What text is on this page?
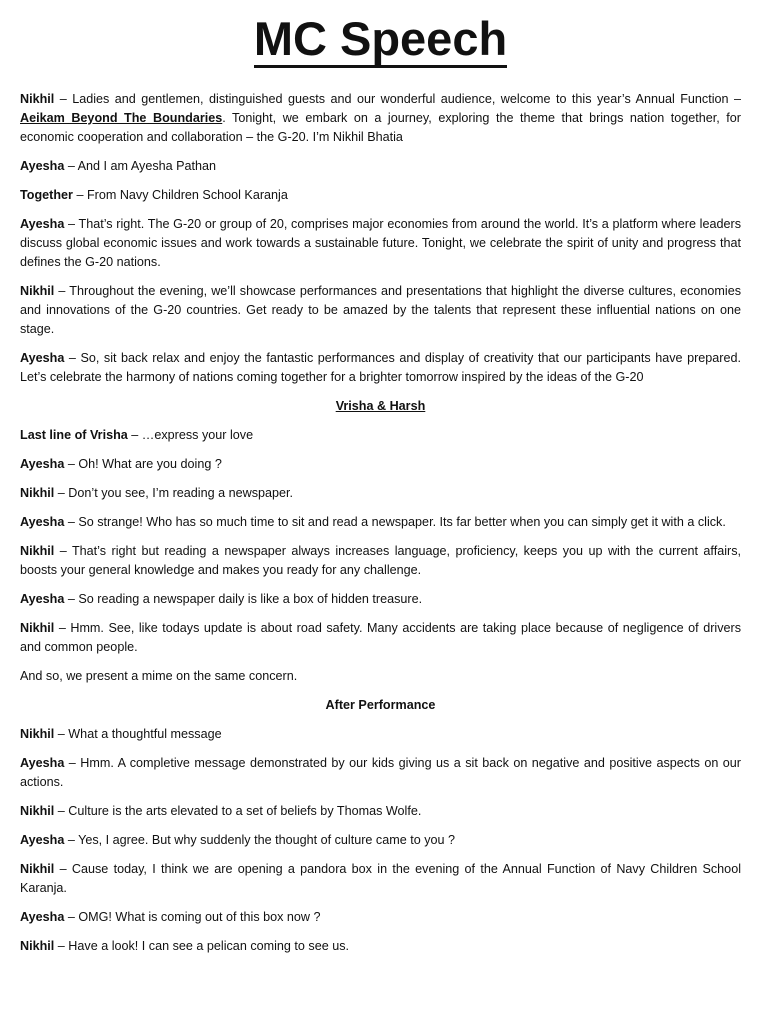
MC Speech

Nikhil – Ladies and gentlemen, distinguished guests and our wonderful audience, welcome to this year’s Annual Function – Aeikam Beyond The Boundaries. Tonight, we embark on a journey, exploring the theme that brings nation together, for economic cooperation and collaboration – the G-20. I’m Nikhil Bhatia

Ayesha – And I am Ayesha Pathan

Together – From Navy Children School Karanja

Ayesha – That’s right. The G-20 or group of 20, comprises major economies from around the world. It’s a platform where leaders discuss global economic issues and work towards a sustainable future. Tonight, we celebrate the spirit of unity and progress that defines the G-20 nations.

Nikhil – Throughout the evening, we’ll showcase performances and presentations that highlight the diverse cultures, economies and innovations of the G-20 countries. Get ready to be amazed by the talents that represent these influential nations on one stage.

Ayesha – So, sit back relax and enjoy the fantastic performances and display of creativity that our participants have prepared. Let’s celebrate the harmony of nations coming together for a brighter tomorrow inspired by the ideas of the G-20

Vrisha & Harsh

Last line of Vrisha – …express your love

Ayesha – Oh! What are you doing ?

Nikhil – Don’t you see, I’m reading a newspaper.

Ayesha – So strange! Who has so much time to sit and read a newspaper. Its far better when you can simply get it with a click.

Nikhil – That’s right but reading a newspaper always increases language, proficiency, keeps you up with the current affairs, boosts your general knowledge and makes you ready for any challenge.

Ayesha – So reading a newspaper daily is like a box of hidden treasure.

Nikhil – Hmm. See, like todays update is about road safety. Many accidents are taking place because of negligence of drivers and common people.

And so, we present a mime on the same concern.

After Performance

Nikhil – What a thoughtful message

Ayesha – Hmm. A completive message demonstrated by our kids giving us a sit back on negative and positive aspects on our actions.

Nikhil – Culture is the arts elevated to a set of beliefs by Thomas Wolfe.

Ayesha – Yes, I agree. But why suddenly the thought of culture came to you ?

Nikhil – Cause today, I think we are opening a pandora box in the evening of the Annual Function of Navy Children School Karanja.

Ayesha – OMG! What is coming out of this box now ?

Nikhil – Have a look! I can see a pelican coming to see us.
